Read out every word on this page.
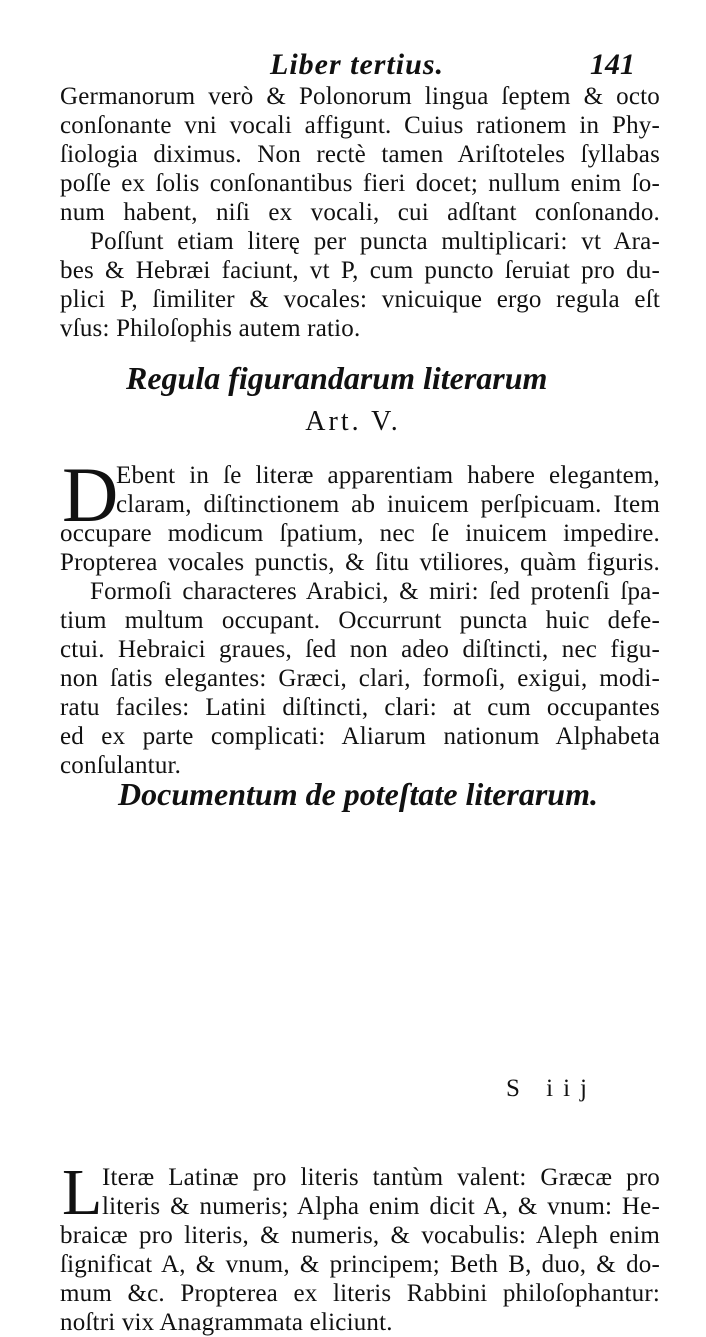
Liber tertius.	141
Germanorum verò & Polonorum lingua ſeptem & octo
conſonante vni vocali affigunt. Cuius rationem in Phy-
ſiologia diximus. Non rectè tamen Ariſtoteles ſyllabas
poſſe ex ſolis conſonantibus fieri docet; nullum enim ſo-
num habent, niſi ex vocali, cui adſtant conſonando.
Poſſunt etiam literę per puncta multiplicari: vt Ara-
bes & Hebræi faciunt, vt P, cum puncto ſeruiat pro du-
plici P, ſimiliter & vocales: vnicuique ergo regula eſt
vſus: Philoſophis autem ratio.
Regula figurandarum literarum
Art. V.
D
Ebent in ſe literæ apparentiam habere elegantem,
claram, diſtinctionem ab inuicem perſpicuam. Item
occupare modicum ſpatium, nec ſe inuicem impedire.
Propterea vocales punctis, & ſitu vtiliores, quàm figuris.
Formoſi characteres Arabici, & miri: ſed protenſi ſpa-
tium multum occupant. Occurrunt puncta huic defe-
ctui. Hebraici graues, ſed non adeo diſtincti, nec figu-
non ſatis elegantes: Græci, clari, formoſi, exigui, modi-
ratu faciles: Latini diſtincti, clari: at cum occupantes
ed ex parte complicati: Aliarum nationum Alphabeta
conſulantur.
Documentum de poteſtate literarum.
L Iteræ Latinæ pro literis tantùm valent: Græcæ pro
literis & numeris; Alpha enim dicit A, & vnum: He-
braicæ pro literis, & numeris, & vocabulis: Aleph enim
ſignificat A, & vnum, & principem; Beth B, duo, & do-
mum &c. Propterea ex literis Rabbini philoſophantur:
noſtri vix Anagrammata eliciunt.
S iij
